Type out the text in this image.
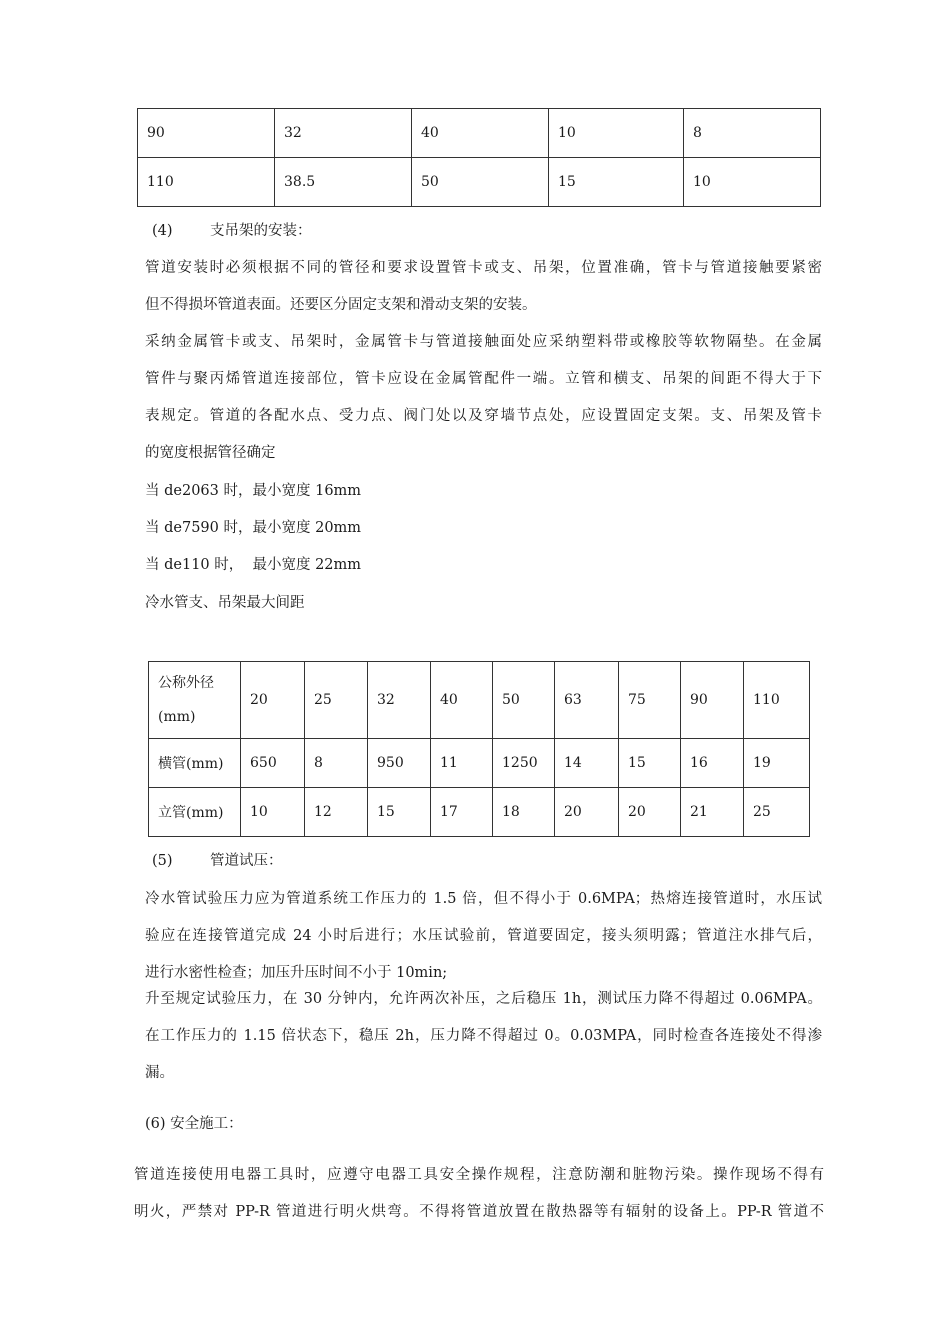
90	32	40	10	8
110	38.5	50	15	10
(4)	支吊架的安装：
管道安装时必须根据不同的管径和要求设置管卡或支、吊架，位置准确，管卡与管道接触要紧密
但不得损坏管道表面。还要区分固定支架和滑动支架的安装。
采纳金属管卡或支、吊架时，金属管卡与管道接触面处应采纳塑料带或橡胶等软物隔垫。在金属
管件与聚丙烯管道连接部位，管卡应设在金属管配件一端。立管和横支、吊架的间距不得大于下
表规定。管道的各配水点、受力点、阀门处以及穿墙节点处，应设置固定支架。支、吊架及管卡
的宽度根据管径确定
当 de2063 时，最小宽度 16mm
当 de7590 时，最小宽度 20mm
当 de110 时，  最小宽度 22mm
冷水管支、吊架最大间距
公称外径
(mm)	20	25	32	40	50	63	75	90	110
横管(mm)	650	8	950	11	1250	14	15	16	19
立管(mm)	10	12	15	17	18	20	20	21	25
(5)	管道试压：
冷水管试验压力应为管道系统工作压力的 1.5 倍，但不得小于 0.6MPA；热熔连接管道时，水压试
验应在连接管道完成 24 小时后进行；水压试验前，管道要固定，接头须明露；管道注水排气后，
进行水密性检查；加压升压时间不小于 10min;
升至规定试验压力，在 30 分钟内，允许两次补压，之后稳压 1h，测试压力降不得超过 0.06MPA。
在工作压力的 1.15 倍状态下，稳压 2h，压力降不得超过 0。0.03MPA，同时检查各连接处不得渗
漏。
(6) 安全施工：
管道连接使用电器工具时，应遵守电器工具安全操作规程，注意防潮和脏物污染。操作现场不得有
明火，严禁对 PP-R 管道进行明火烘弯。不得将管道放置在散热器等有辐射的设备上。PP-R 管道不
